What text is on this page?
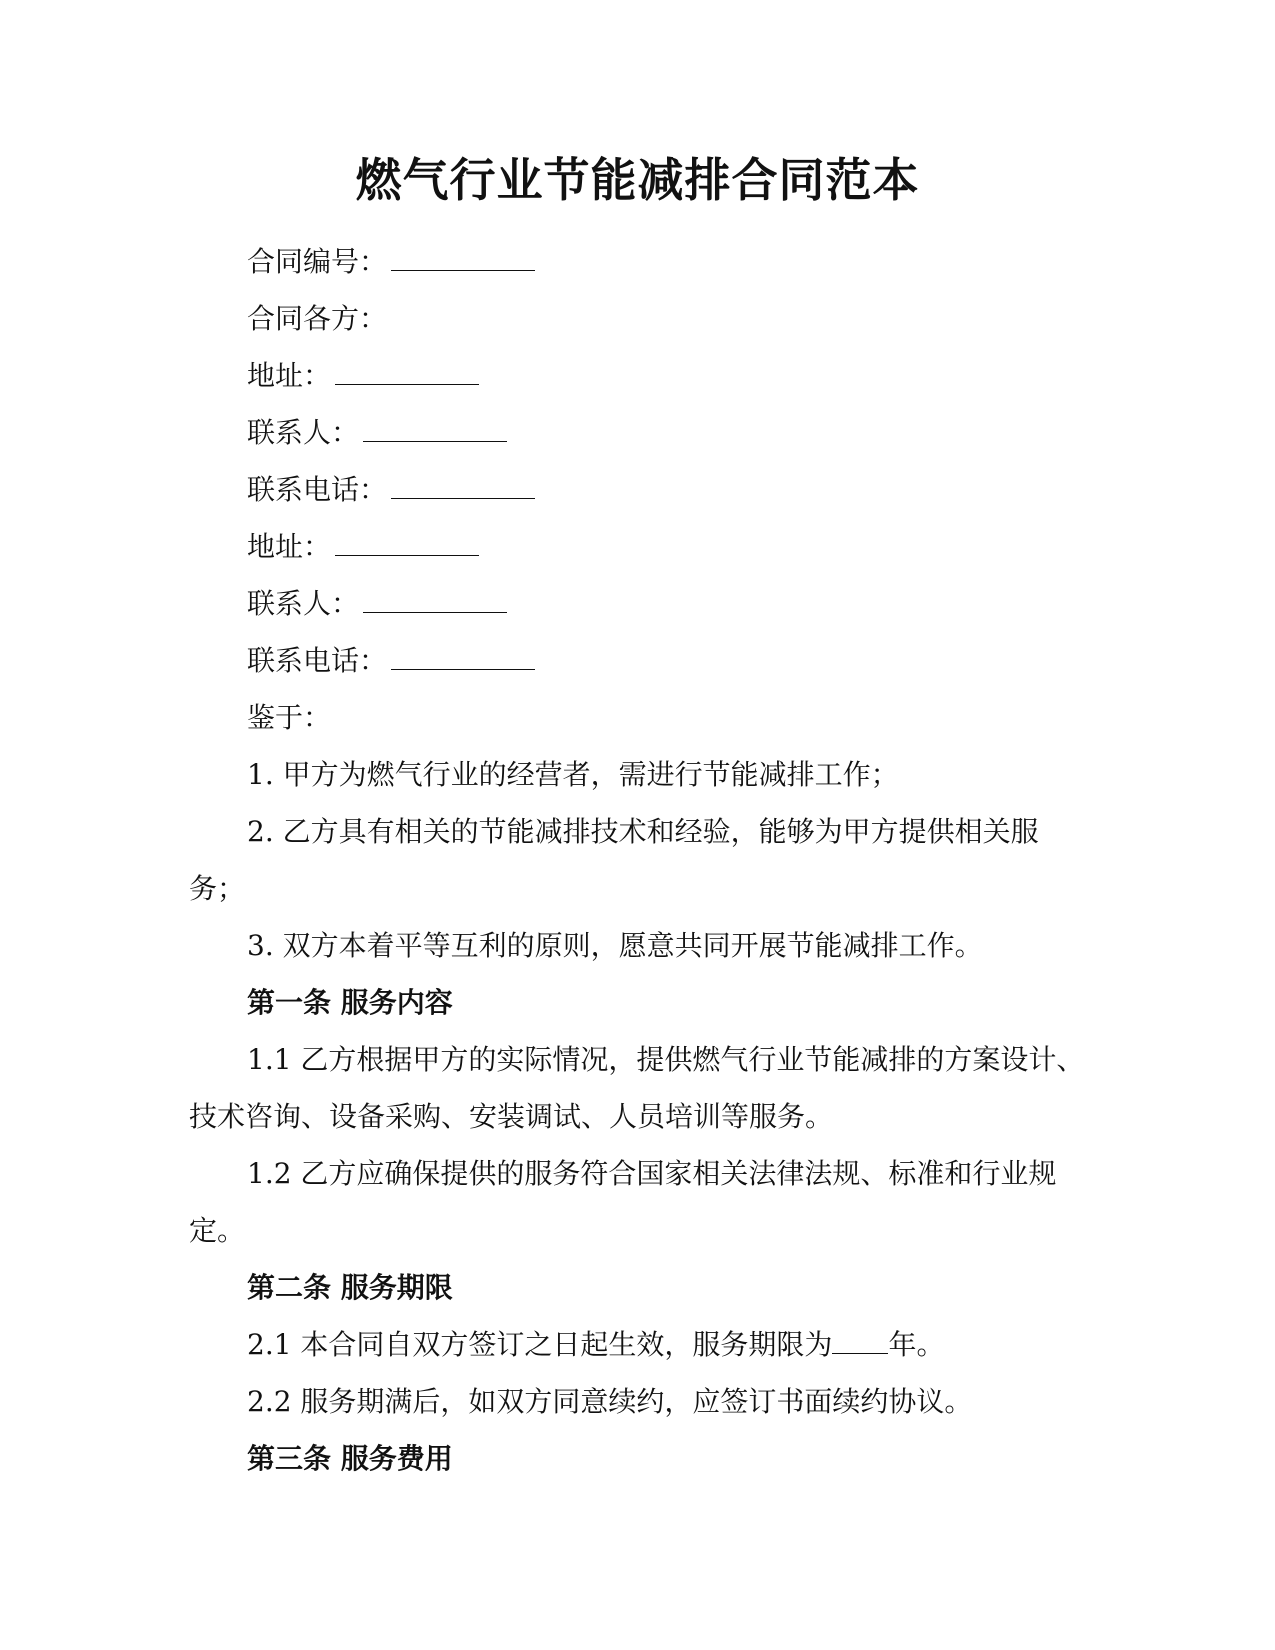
燃气行业节能减排合同范本
合同编号：
合同各方：
地址：
联系人：
联系电话：
地址：
联系人：
联系电话：
鉴于：
1. 甲方为燃气行业的经营者，需进行节能减排工作；
2. 乙方具有相关的节能减排技术和经验，能够为甲方提供相关服务；
3. 双方本着平等互利的原则，愿意共同开展节能减排工作。
第一条 服务内容
1.1 乙方根据甲方的实际情况，提供燃气行业节能减排的方案设计、技术咨询、设备采购、安装调试、人员培训等服务。
1.2 乙方应确保提供的服务符合国家相关法律法规、标准和行业规定。
第二条 服务期限
2.1 本合同自双方签订之日起生效，服务期限为 年。
2.2 服务期满后，如双方同意续约，应签订书面续约协议。
第三条 服务费用
